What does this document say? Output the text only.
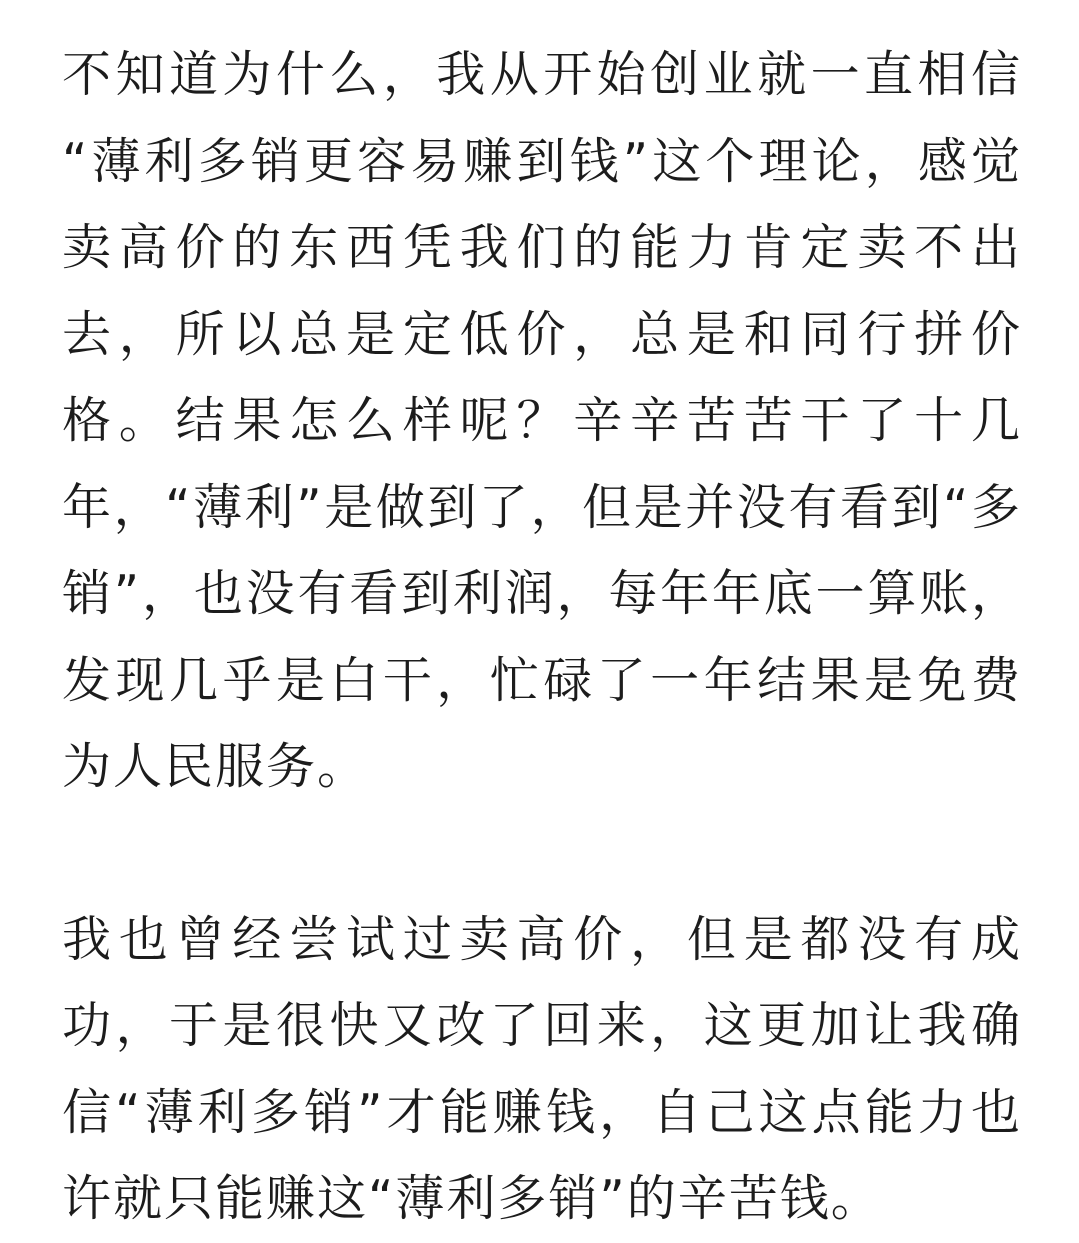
不知道为什么，我从开始创业就一直相信
“薄利多销更容易赚到钱”这个理论，感觉
卖高价的东西凭我们的能力肯定卖不出
去，所以总是定低价，总是和同行拼价
格。结果怎么样呢？辛辛苦苦干了十几
年，“薄利”是做到了，但是并没有看到“多
销”，也没有看到利润，每年年底一算账，
发现几乎是白干，忙碌了一年结果是免费
为人民服务。
我也曾经尝试过卖高价，但是都没有成
功，于是很快又改了回来，这更加让我确
信“薄利多销”才能赚钱，自己这点能力也
许就只能赚这“薄利多销”的辛苦钱。
